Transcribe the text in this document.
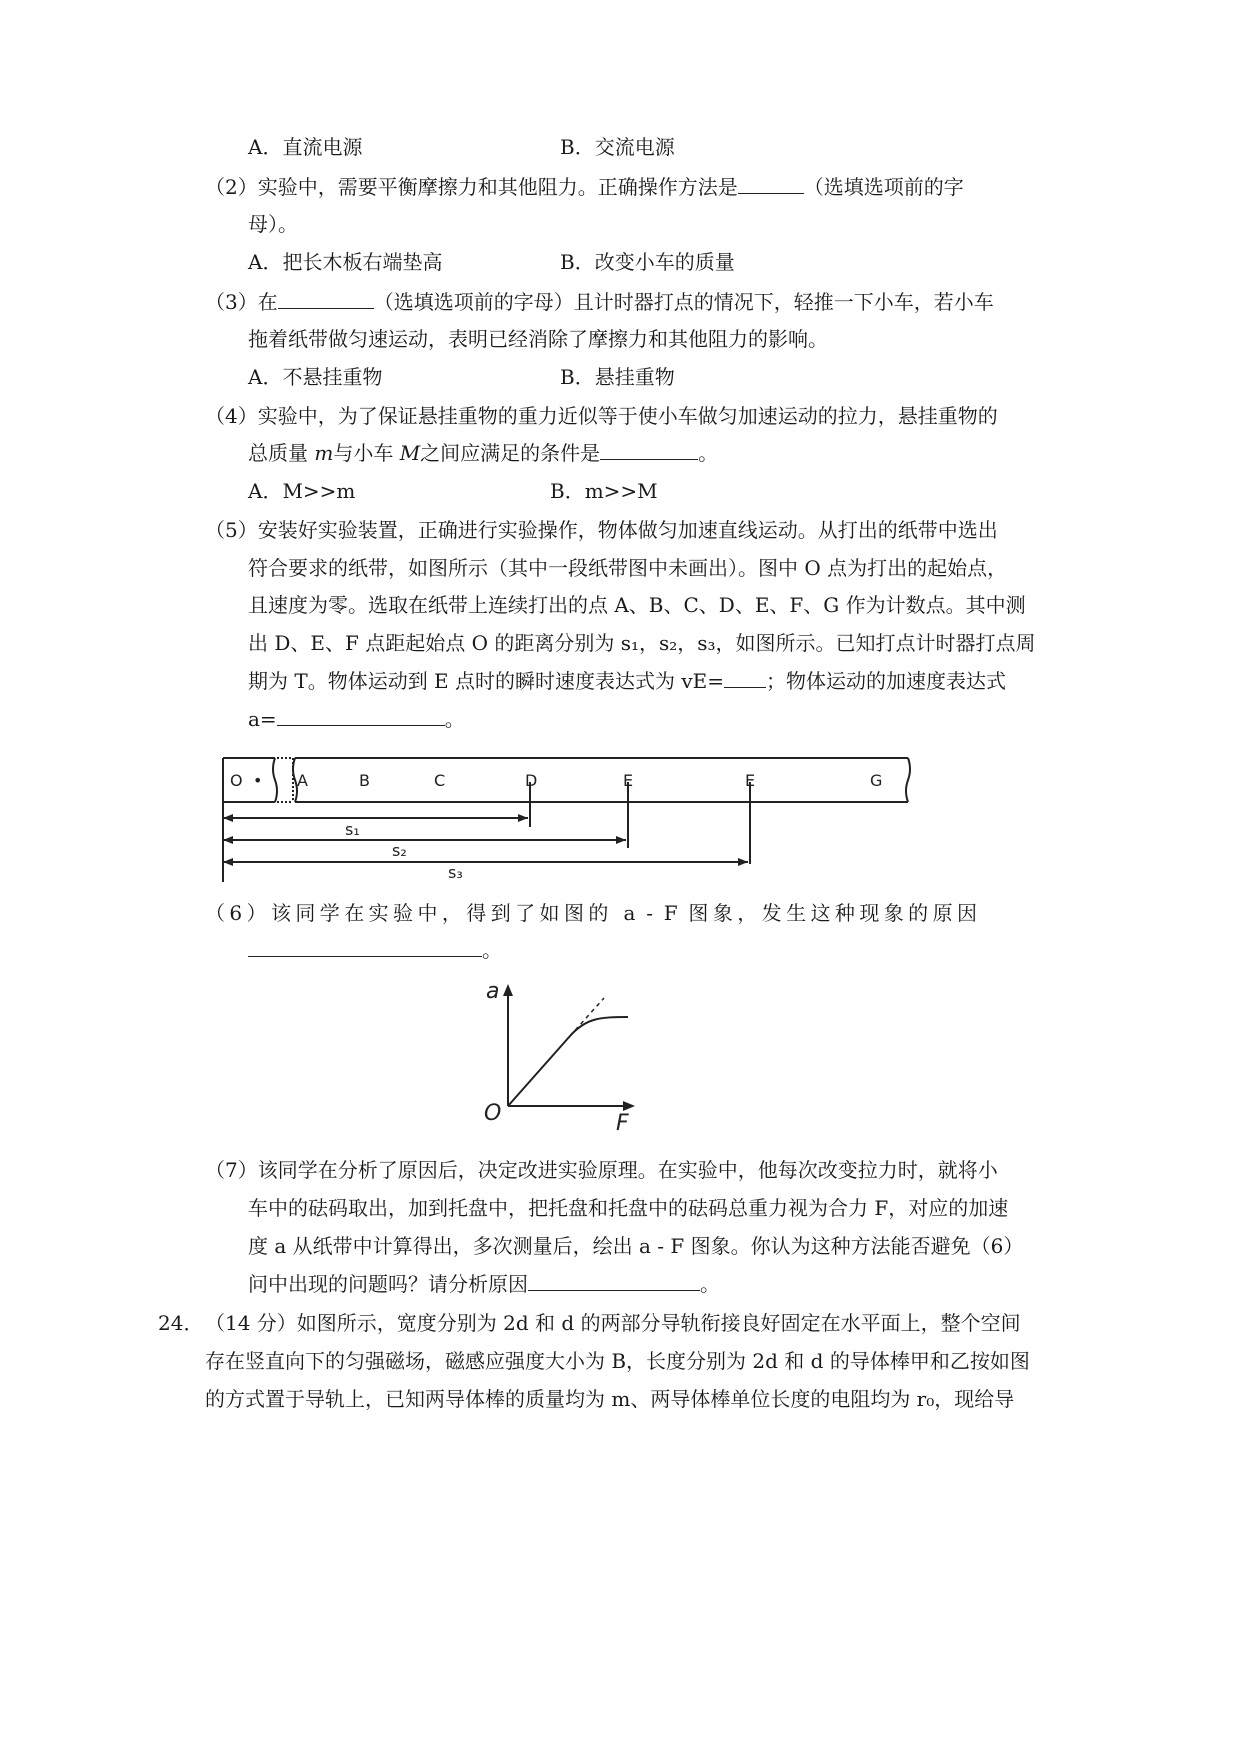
A．直流电源	B．交流电源
（2）实验中，需要平衡摩擦力和其他阻力。正确操作方法是	（选填选项前的字
母）。
A．把长木板右端垫高	B．改变小车的质量
（3）在	（选填选项前的字母）且计时器打点的情况下，轻推一下小车，若小车
拖着纸带做匀速运动，表明已经消除了摩擦力和其他阻力的影响。
A．不悬挂重物	B．悬挂重物
（4）实验中，为了保证悬挂重物的重力近似等于使小车做匀加速运动的拉力，悬挂重物的
总质量 m与小车 M之间应满足的条件是	。
A．M>>m	B．m>>M
（5）安装好实验装置，正确进行实验操作，物体做匀加速直线运动。从打出的纸带中选出
符合要求的纸带，如图所示（其中一段纸带图中未画出）。图中 O 点为打出的起始点，
且速度为零。选取在纸带上连续打出的点 A、B、C、D、E、F、G 作为计数点。其中测
出 D、E、F 点距起始点 O 的距离分别为 s₁，s₂，s₃，如图所示。已知打点计时器打点周
期为 T。物体运动到 E 点时的瞬时速度表达式为 vE= ；物体运动的加速度表达式
a=	。
O • A	B	C	D	E	E	G
s₁
s₂
s₃
（6）该同学在实验中，得到了如图的 a - F 图象，发生这种现象的原因
。
a
F
O
（7）该同学在分析了原因后，决定改进实验原理。在实验中，他每次改变拉力时，就将小
车中的砝码取出，加到托盘中，把托盘和托盘中的砝码总重力视为合力 F，对应的加速
度 a 从纸带中计算得出，多次测量后，绘出 a - F 图象。你认为这种方法能否避免（6）
问中出现的问题吗？请分析原因	。
24． （14 分）如图所示，宽度分别为 2d 和 d 的两部分导轨衔接良好固定在水平面上，整个空间
存在竖直向下的匀强磁场，磁感应强度大小为 B，长度分别为 2d 和 d 的导体棒甲和乙按如图
的方式置于导轨上，已知两导体棒的质量均为 m、两导体棒单位长度的电阻均为 r₀，现给导
